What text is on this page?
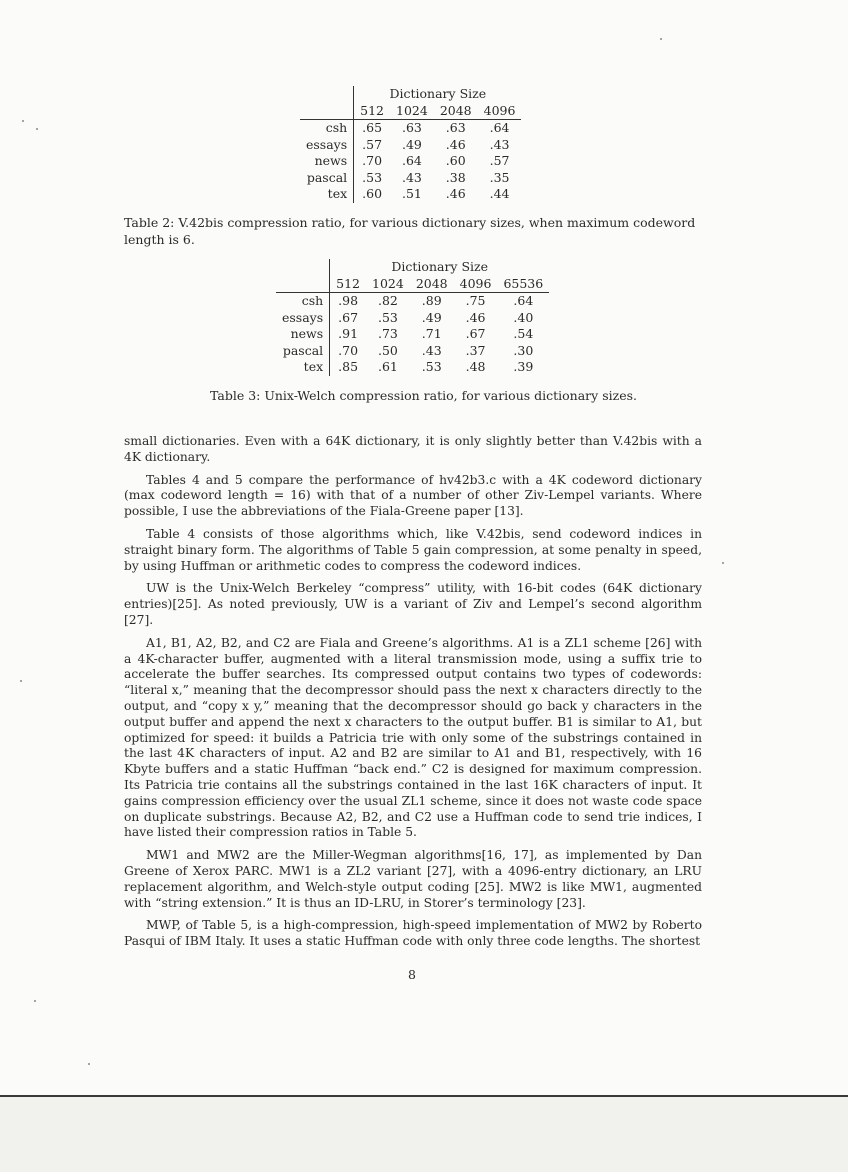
	Dictionary Size			
	512	1024	2048	4096
csh	.65	.63	.63	.64
essays	.57	.49	.46	.43
news	.70	.64	.60	.57
pascal	.53	.43	.38	.35
tex	.60	.51	.46	.44
Table 2: V.42bis compression ratio, for various dictionary sizes, when maximum codeword length is 6.
	Dictionary Size				
	512	1024	2048	4096	65536
csh	.98	.82	.89	.75	.64
essays	.67	.53	.49	.46	.40
news	.91	.73	.71	.67	.54
pascal	.70	.50	.43	.37	.30
tex	.85	.61	.53	.48	.39
Table 3: Unix-Welch compression ratio, for various dictionary sizes.

small dictionaries. Even with a 64K dictionary, it is only slightly better than V.42bis with a 4K dictionary.

Tables 4 and 5 compare the performance of hv42b3.c with a 4K codeword dictionary (max codeword length = 16) with that of a number of other Ziv-Lempel variants. Where possible, I use the abbreviations of the Fiala-Greene paper [13].

Table 4 consists of those algorithms which, like V.42bis, send codeword indices in straight binary form. The algorithms of Table 5 gain compression, at some penalty in speed, by using Huffman or arithmetic codes to compress the codeword indices.

UW is the Unix-Welch Berkeley “compress” utility, with 16-bit codes (64K dictionary entries)[25]. As noted previously, UW is a variant of Ziv and Lempel’s second algorithm [27].

A1, B1, A2, B2, and C2 are Fiala and Greene’s algorithms. A1 is a ZL1 scheme [26] with a 4K-character buffer, augmented with a literal transmission mode, using a suffix trie to accelerate the buffer searches. Its compressed output contains two types of codewords: “literal x,” meaning that the decompressor should pass the next x characters directly to the output, and “copy x y,” meaning that the decompressor should go back y characters in the output buffer and append the next x characters to the output buffer. B1 is similar to A1, but optimized for speed: it builds a Patricia trie with only some of the substrings contained in the last 4K characters of input. A2 and B2 are similar to A1 and B1, respectively, with 16 Kbyte buffers and a static Huffman “back end.” C2 is designed for maximum compression. Its Patricia trie contains all the substrings contained in the last 16K characters of input. It gains compression efficiency over the usual ZL1 scheme, since it does not waste code space on duplicate substrings. Because A2, B2, and C2 use a Huffman code to send trie indices, I have listed their compression ratios in Table 5.

MW1 and MW2 are the Miller-Wegman algorithms[16, 17], as implemented by Dan Greene of Xerox PARC. MW1 is a ZL2 variant [27], with a 4096-entry dictionary, an LRU replacement algorithm, and Welch-style output coding [25]. MW2 is like MW1, augmented with “string extension.” It is thus an ID-LRU, in Storer’s terminology [23].

MWP, of Table 5, is a high-compression, high-speed implementation of MW2 by Roberto Pasqui of IBM Italy. It uses a static Huffman code with only three code lengths. The shortest

8
